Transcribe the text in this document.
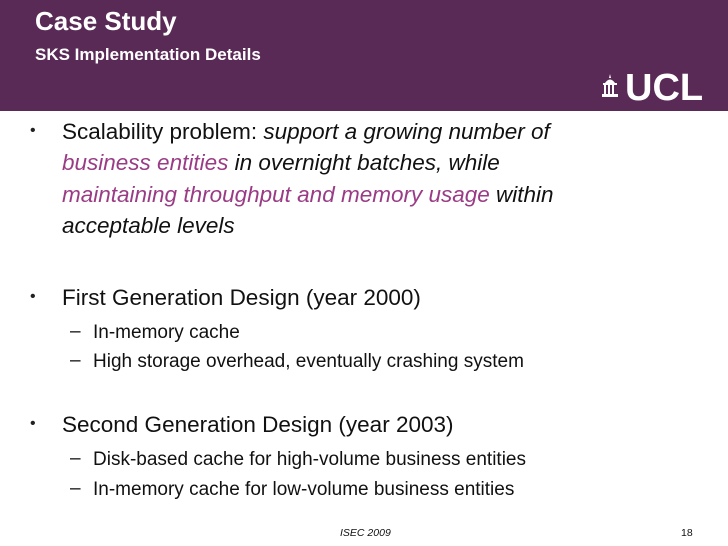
Case Study
SKS Implementation Details
UCL
• Scalability problem: support a growing number of
business entities in overnight batches, while
maintaining throughput and memory usage within
acceptable levels
• First Generation Design (year 2000)
– In-memory cache
– High storage overhead, eventually crashing system
• Second Generation Design (year 2003)
– Disk-based cache for high-volume business entities
– In-memory cache for low-volume business entities
ISEC 2009	18
